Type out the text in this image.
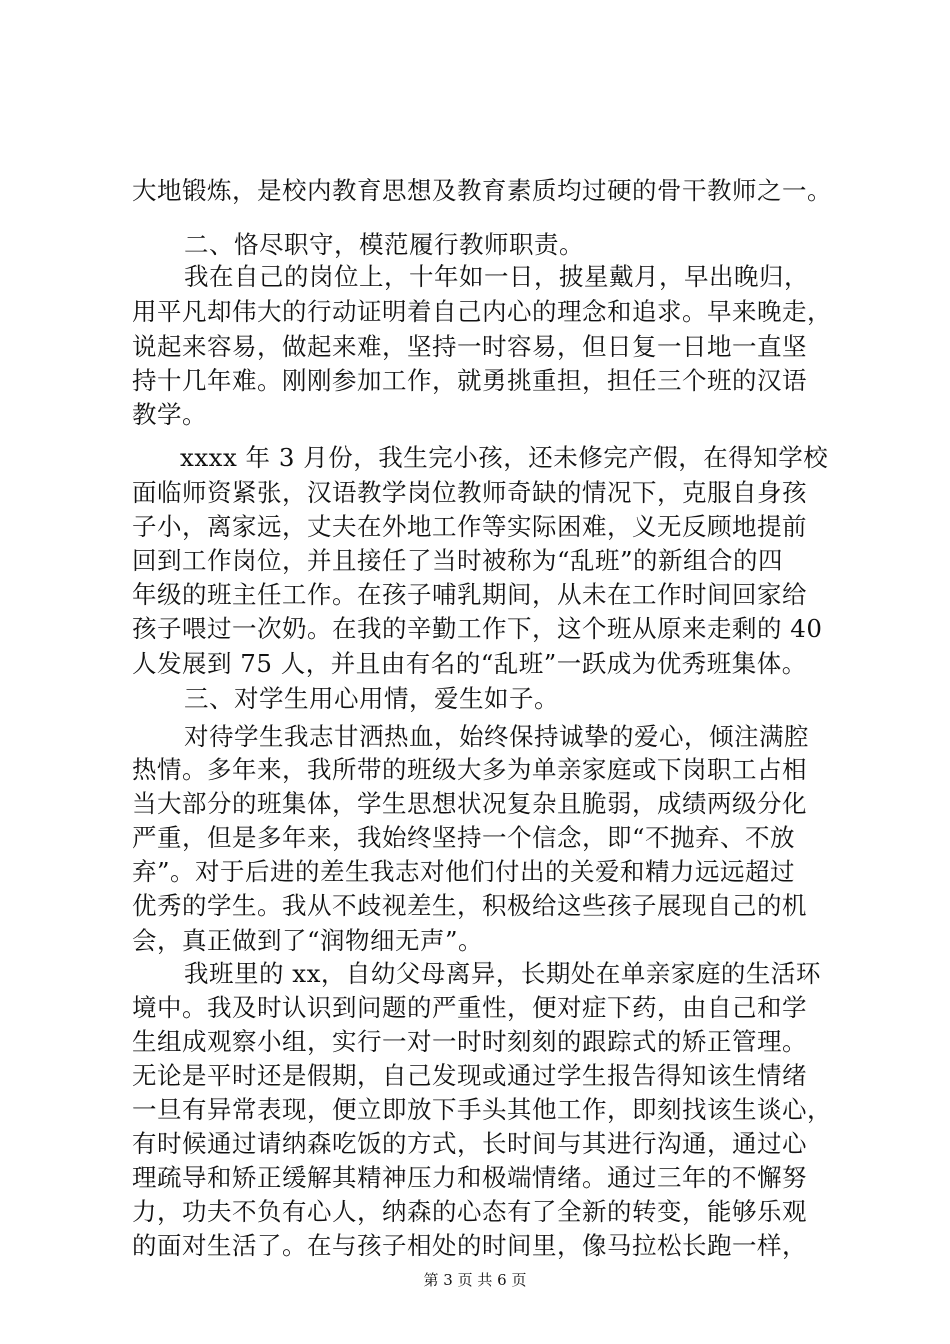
大地锻炼，是校内教育思想及教育素质均过硬的骨干教师之一。
二、恪尽职守，模范履行教师职责。
我在自己的岗位上，十年如一日，披星戴月，早出晚归，
用平凡却伟大的行动证明着自己内心的理念和追求。早来晚走，
说起来容易，做起来难，坚持一时容易，但日复一日地一直坚
持十几年难。刚刚参加工作，就勇挑重担，担任三个班的汉语
教学。
xxxx 年 3 月份，我生完小孩，还未修完产假，在得知学校
面临师资紧张，汉语教学岗位教师奇缺的情况下，克服自身孩
子小，离家远，丈夫在外地工作等实际困难，义无反顾地提前
回到工作岗位，并且接任了当时被称为“乱班”的新组合的四
年级的班主任工作。在孩子哺乳期间，从未在工作时间回家给
孩子喂过一次奶。在我的辛勤工作下，这个班从原来走剩的 40
人发展到 75 人，并且由有名的“乱班”一跃成为优秀班集体。
三、对学生用心用情，爱生如子。
对待学生我志甘洒热血，始终保持诚挚的爱心，倾注满腔
热情。多年来，我所带的班级大多为单亲家庭或下岗职工占相
当大部分的班集体，学生思想状况复杂且脆弱，成绩两级分化
严重，但是多年来，我始终坚持一个信念，即“不抛弃、不放
弃”。对于后进的差生我志对他们付出的关爱和精力远远超过
优秀的学生。我从不歧视差生，积极给这些孩子展现自己的机
会，真正做到了“润物细无声”。
我班里的 xx，自幼父母离异，长期处在单亲家庭的生活环
境中。我及时认识到问题的严重性，便对症下药，由自己和学
生组成观察小组，实行一对一时时刻刻的跟踪式的矫正管理。
无论是平时还是假期，自己发现或通过学生报告得知该生情绪
一旦有异常表现，便立即放下手头其他工作，即刻找该生谈心，
有时候通过请纳森吃饭的方式，长时间与其进行沟通，通过心
理疏导和矫正缓解其精神压力和极端情绪。通过三年的不懈努
力，功夫不负有心人，纳森的心态有了全新的转变，能够乐观
的面对生活了。在与孩子相处的时间里，像马拉松长跑一样，
第 3 页 共 6 页
